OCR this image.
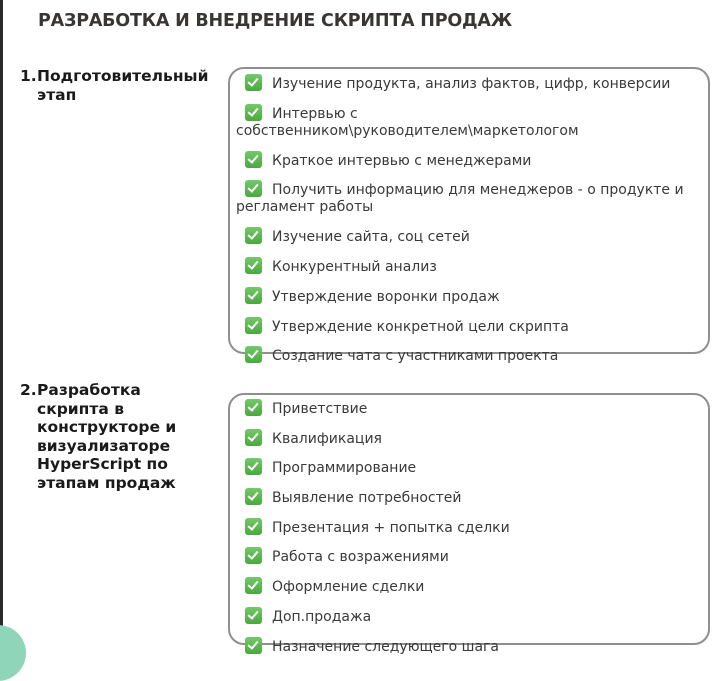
РАЗРАБОТКА И ВНЕДРЕНИЕ СКРИПТА ПРОДАЖ
1.Подготовительный этап
Изучение продукта, анализ фактов, цифр, конверсии
Интервью с собственником\руководителем\маркетологом
Краткое интервью с менеджерами
Получить информацию для менеджеров - о продукте и регламент работы
Изучение сайта, соц сетей
Конкурентный анализ
Утверждение воронки продаж
Утверждение конкретной цели скрипта
Создание чата с участниками проекта
2.Разработка скрипта в конструкторе и визуализаторе HyperScript по этапам продаж
Приветствие
Квалификация
Программирование
Выявление потребностей
Презентация + попытка сделки
Работа с возражениями
Оформление сделки
Доп.продажа
Назначение следующего шага
